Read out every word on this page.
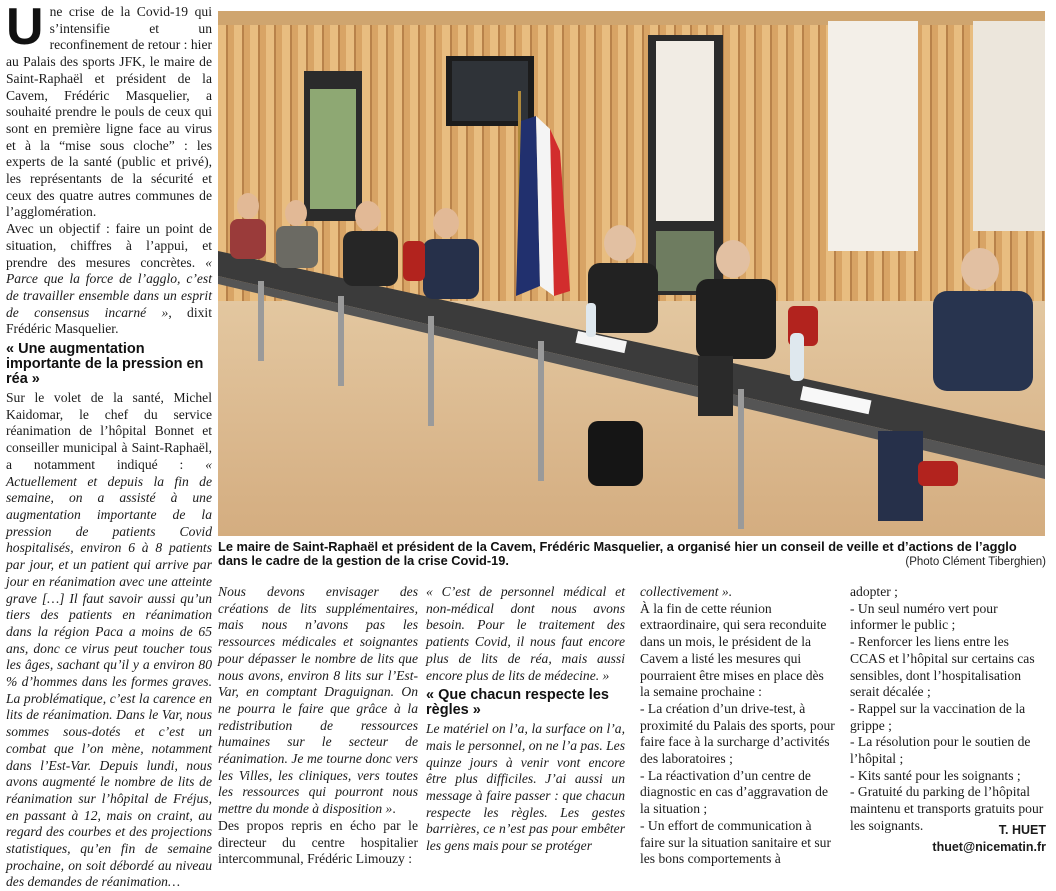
U ne crise de la Covid-19 qui s’intensifie et un reconfinement de retour : hier au Palais des sports JFK, le maire de Saint-Raphaël et président de la Cavem, Frédéric Masquelier, a souhaité prendre le pouls de ceux qui sont en première ligne face au virus et à la “mise sous cloche” : les experts de la santé (public et privé), les représentants de la sécurité et ceux des quatre autres communes de l’agglomération.

Avec un objectif : faire un point de situation, chiffres à l’appui, et prendre des mesures concrètes. « Parce que la force de l’agglo, c’est de travailler ensemble dans un esprit de consensus incarné », dixit Frédéric Masquelier.

« Une augmentation importante de la pression en réa »

Sur le volet de la santé, Michel Kaidomar, le chef du service réanimation de l’hôpital Bonnet et conseiller municipal à Saint-Raphaël, a notamment indiqué : « Actuellement et depuis la fin de semaine, on a assisté à une augmentation importante de la pression de patients Covid hospitalisés, environ 6 à 8 patients par jour, et un patient qui arrive par jour en réanimation avec une atteinte grave […] Il faut savoir aussi qu’un tiers des patients en réanimation dans la région Paca a moins de 65 ans, donc ce virus peut toucher tous les âges, sachant qu’il y a environ 80 % d’hommes dans les formes graves. La problématique, c’est la carence en lits de réanimation. Dans le Var, nous sommes sous-dotés et c’est un combat que l’on mène, notamment dans l’Est-Var. Depuis lundi, nous avons augmenté le nombre de lits de réanimation sur l’hôpital de Fréjus, en passant à 12, mais on craint, au regard des courbes et des projections statistiques, qu’en fin de semaine prochaine, on soit débordé au niveau des demandes de réanimation…

Le maire de Saint-Raphaël et président de la Cavem, Frédéric Masquelier, a organisé hier un conseil de veille et d’actions de l’agglo dans le cadre de la gestion de la crise Covid-19.	(Photo Clément Tiberghien)

Nous devons envisager des créations de lits supplémentaires, mais nous n’avons pas les ressources médicales et soignantes pour dépasser le nombre de lits que nous avons, environ 8 lits sur l’Est-Var, en comptant Draguignan. On ne pourra le faire que grâce à la redistribution de ressources humaines sur le secteur de réanimation. Je me tourne donc vers les Villes, les cliniques, vers toutes les ressources qui pourront nous mettre du monde à disposition ».

Des propos repris en écho par le directeur du centre hospitalier intercommunal, Frédéric Limouzy :

« C’est de personnel médical et non-médical dont nous avons besoin. Pour le traitement des patients Covid, il nous faut encore plus de lits de réa, mais aussi encore plus de lits de médecine. »

« Que chacun respecte les règles »

Le matériel on l’a, la surface on l’a, mais le personnel, on ne l’a pas. Les quinze jours à venir vont encore être plus difficiles. J’ai aussi un message à faire passer : que chacun respecte les règles. Les gestes barrières, ce n’est pas pour embêter les gens mais pour se protéger

collectivement ».

À la fin de cette réunion extraordinaire, qui sera reconduite dans un mois, le président de la Cavem a listé les mesures qui pourraient être mises en place dès la semaine prochaine :

- La création d’un drive-test, à proximité du Palais des sports, pour faire face à la surcharge d’activités des laboratoires ;

- La réactivation d’un centre de diagnostic en cas d’aggravation de la situation ;

- Un effort de communication à faire sur la situation sanitaire et sur les bons comportements à

adopter ;

- Un seul numéro vert pour informer le public ;

- Renforcer les liens entre les CCAS et l’hôpital sur certains cas sensibles, dont l’hospitalisation serait décalée ;

- Rappel sur la vaccination de la grippe ;

- La résolution pour le soutien de l’hôpital ;

- Kits santé pour les soignants ;

- Gratuité du parking de l’hôpital maintenu et transports gratuits pour les soignants.	T. HUET
thuet@nicematin.fr
